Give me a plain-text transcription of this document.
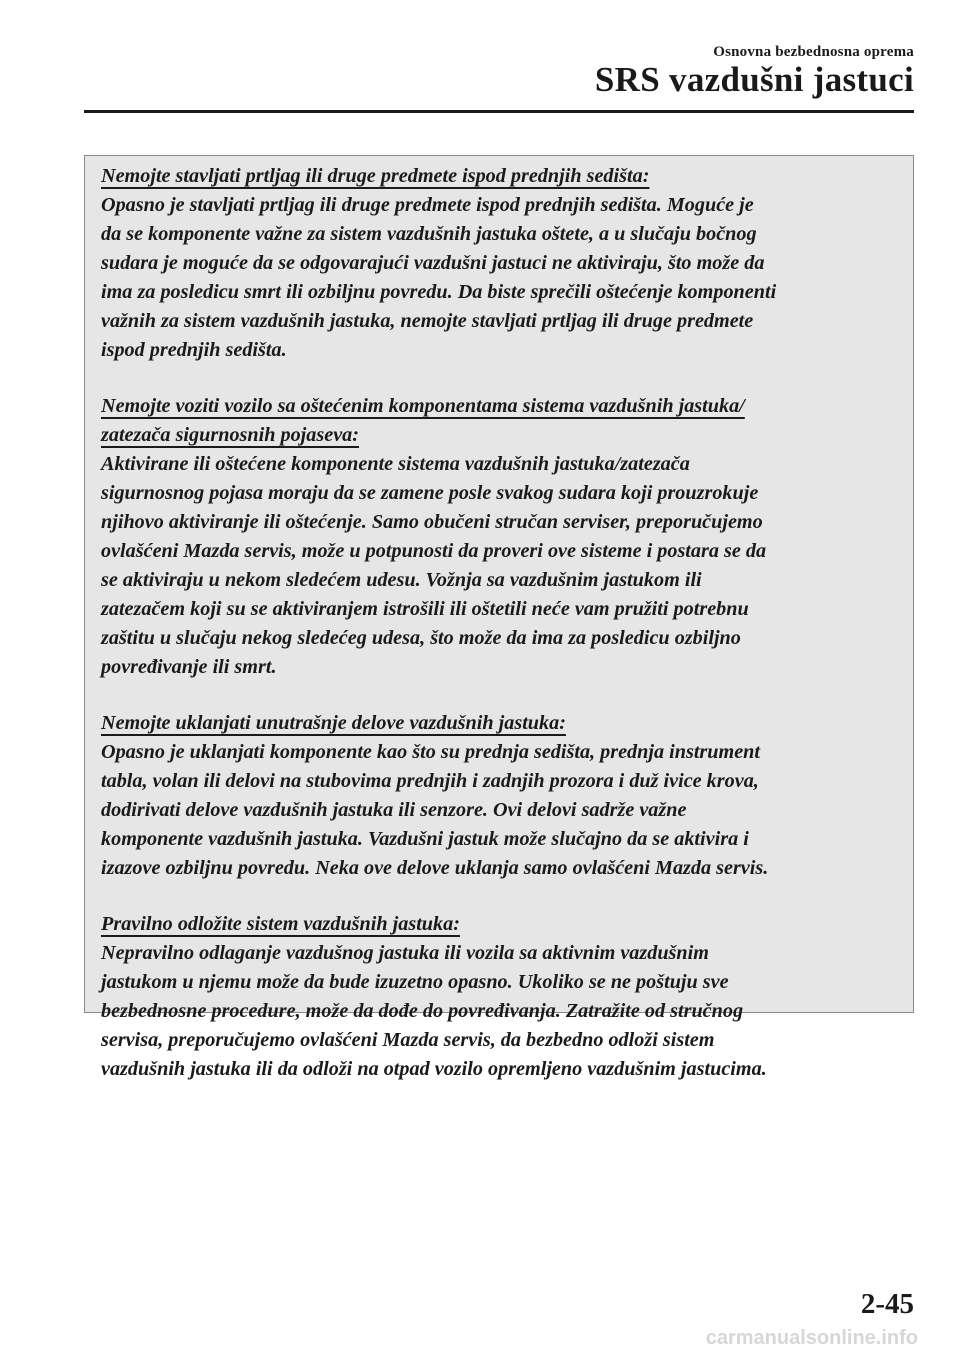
Osnovna bezbednosna oprema
SRS vazdušni jastuci
Nemojte stavljati prtljag ili druge predmete ispod prednjih sedišta:
Opasno je stavljati prtljag ili druge predmete ispod prednjih sedišta. Moguće je
da se komponente važne za sistem vazdušnih jastuka oštete, a u slučaju bočnog
sudara je moguće da se odgovarajući vazdušni jastuci ne aktiviraju, što može da
ima za posledicu smrt ili ozbiljnu povredu. Da biste sprečili oštećenje komponenti
važnih za sistem vazdušnih jastuka, nemojte stavljati prtljag ili druge predmete
ispod prednjih sedišta.
Nemojte voziti vozilo sa oštećenim komponentama sistema vazdušnih jastuka/
zatezača sigurnosnih pojaseva:
Aktivirane ili oštećene komponente sistema vazdušnih jastuka/zatezača
sigurnosnog pojasa moraju da se zamene posle svakog sudara koji prouzrokuje
njihovo aktiviranje ili oštećenje. Samo obučeni stručan serviser, preporučujemo
ovlašćeni Mazda servis, može u potpunosti da proveri ove sisteme i postara se da
se aktiviraju u nekom sledećem udesu. Vožnja sa vazdušnim jastukom ili
zatezačem koji su se aktiviranjem istrošili ili oštetili neće vam pružiti potrebnu
zaštitu u slučaju nekog sledećeg udesa, što može da ima za posledicu ozbiljno
povređivanje ili smrt.
Nemojte uklanjati unutrašnje delove vazdušnih jastuka:
Opasno je uklanjati komponente kao što su prednja sedišta, prednja instrument
tabla, volan ili delovi na stubovima prednjih i zadnjih prozora i duž ivice krova,
dodirivati delove vazdušnih jastuka ili senzore. Ovi delovi sadrže važne
komponente vazdušnih jastuka. Vazdušni jastuk može slučajno da se aktivira i
izazove ozbiljnu povredu. Neka ove delove uklanja samo ovlašćeni Mazda servis.
Pravilno odložite sistem vazdušnih jastuka:
Nepravilno odlaganje vazdušnog jastuka ili vozila sa aktivnim vazdušnim
jastukom u njemu može da bude izuzetno opasno. Ukoliko se ne poštuju sve
bezbednosne procedure, može da dođe do povređivanja. Zatražite od stručnog
servisa, preporučujemo ovlašćeni Mazda servis, da bezbedno odloži sistem
vazdušnih jastuka ili da odloži na otpad vozilo opremljeno vazdušnim jastucima.
2-45
carmanualsonline.info
